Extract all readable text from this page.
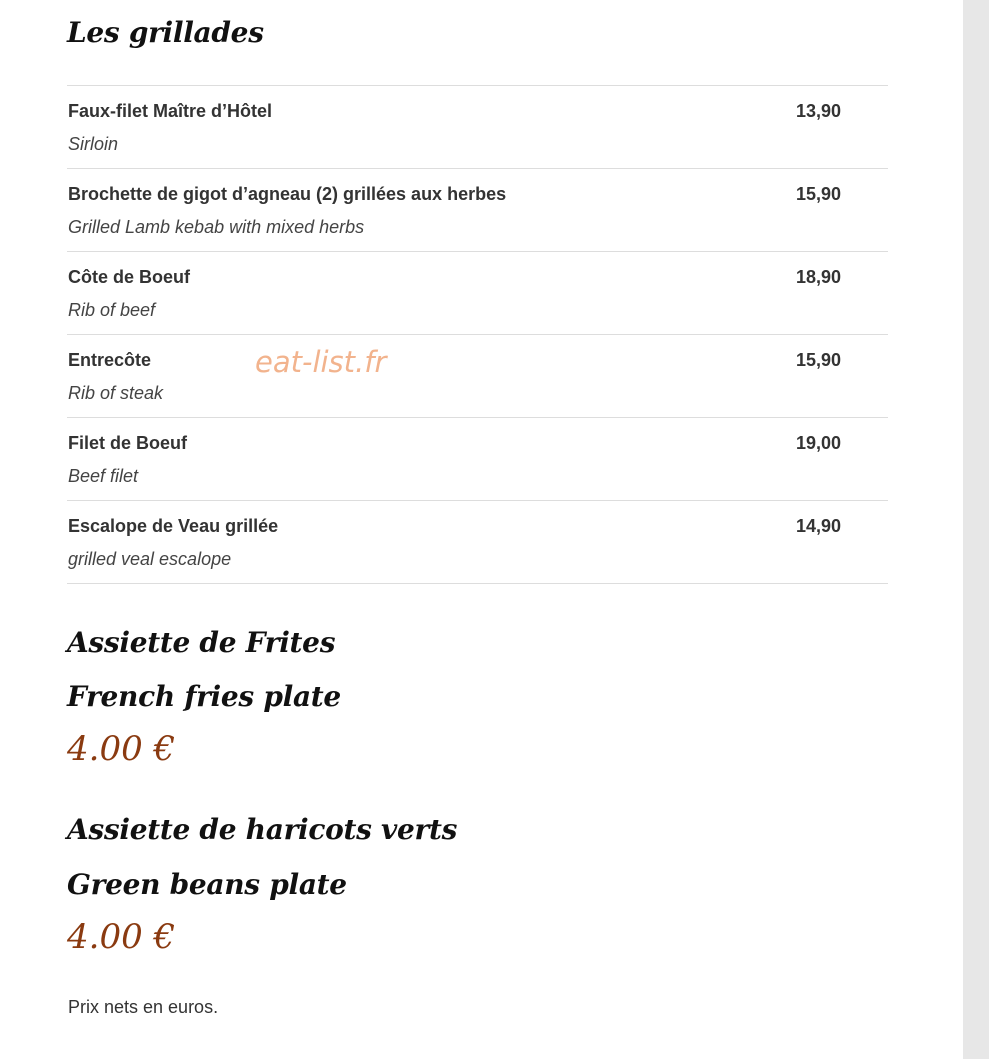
Les grillades
Faux-filet Maître d’Hôtel
Sirloin
13,90
Brochette de gigot d’agneau (2) grillées aux herbes
Grilled Lamb kebab with mixed herbs
15,90
Côte de Boeuf
Rib of beef
18,90
Entrecôte
Rib of steak
15,90
Filet de Boeuf
Beef filet
19,00
Escalope de Veau grillée
grilled veal escalope
14,90
Assiette de Frites
French fries plate
4.00 €
Assiette de haricots verts
Green beans plate
4.00 €

Prix nets en euros.

eat-list.fr
